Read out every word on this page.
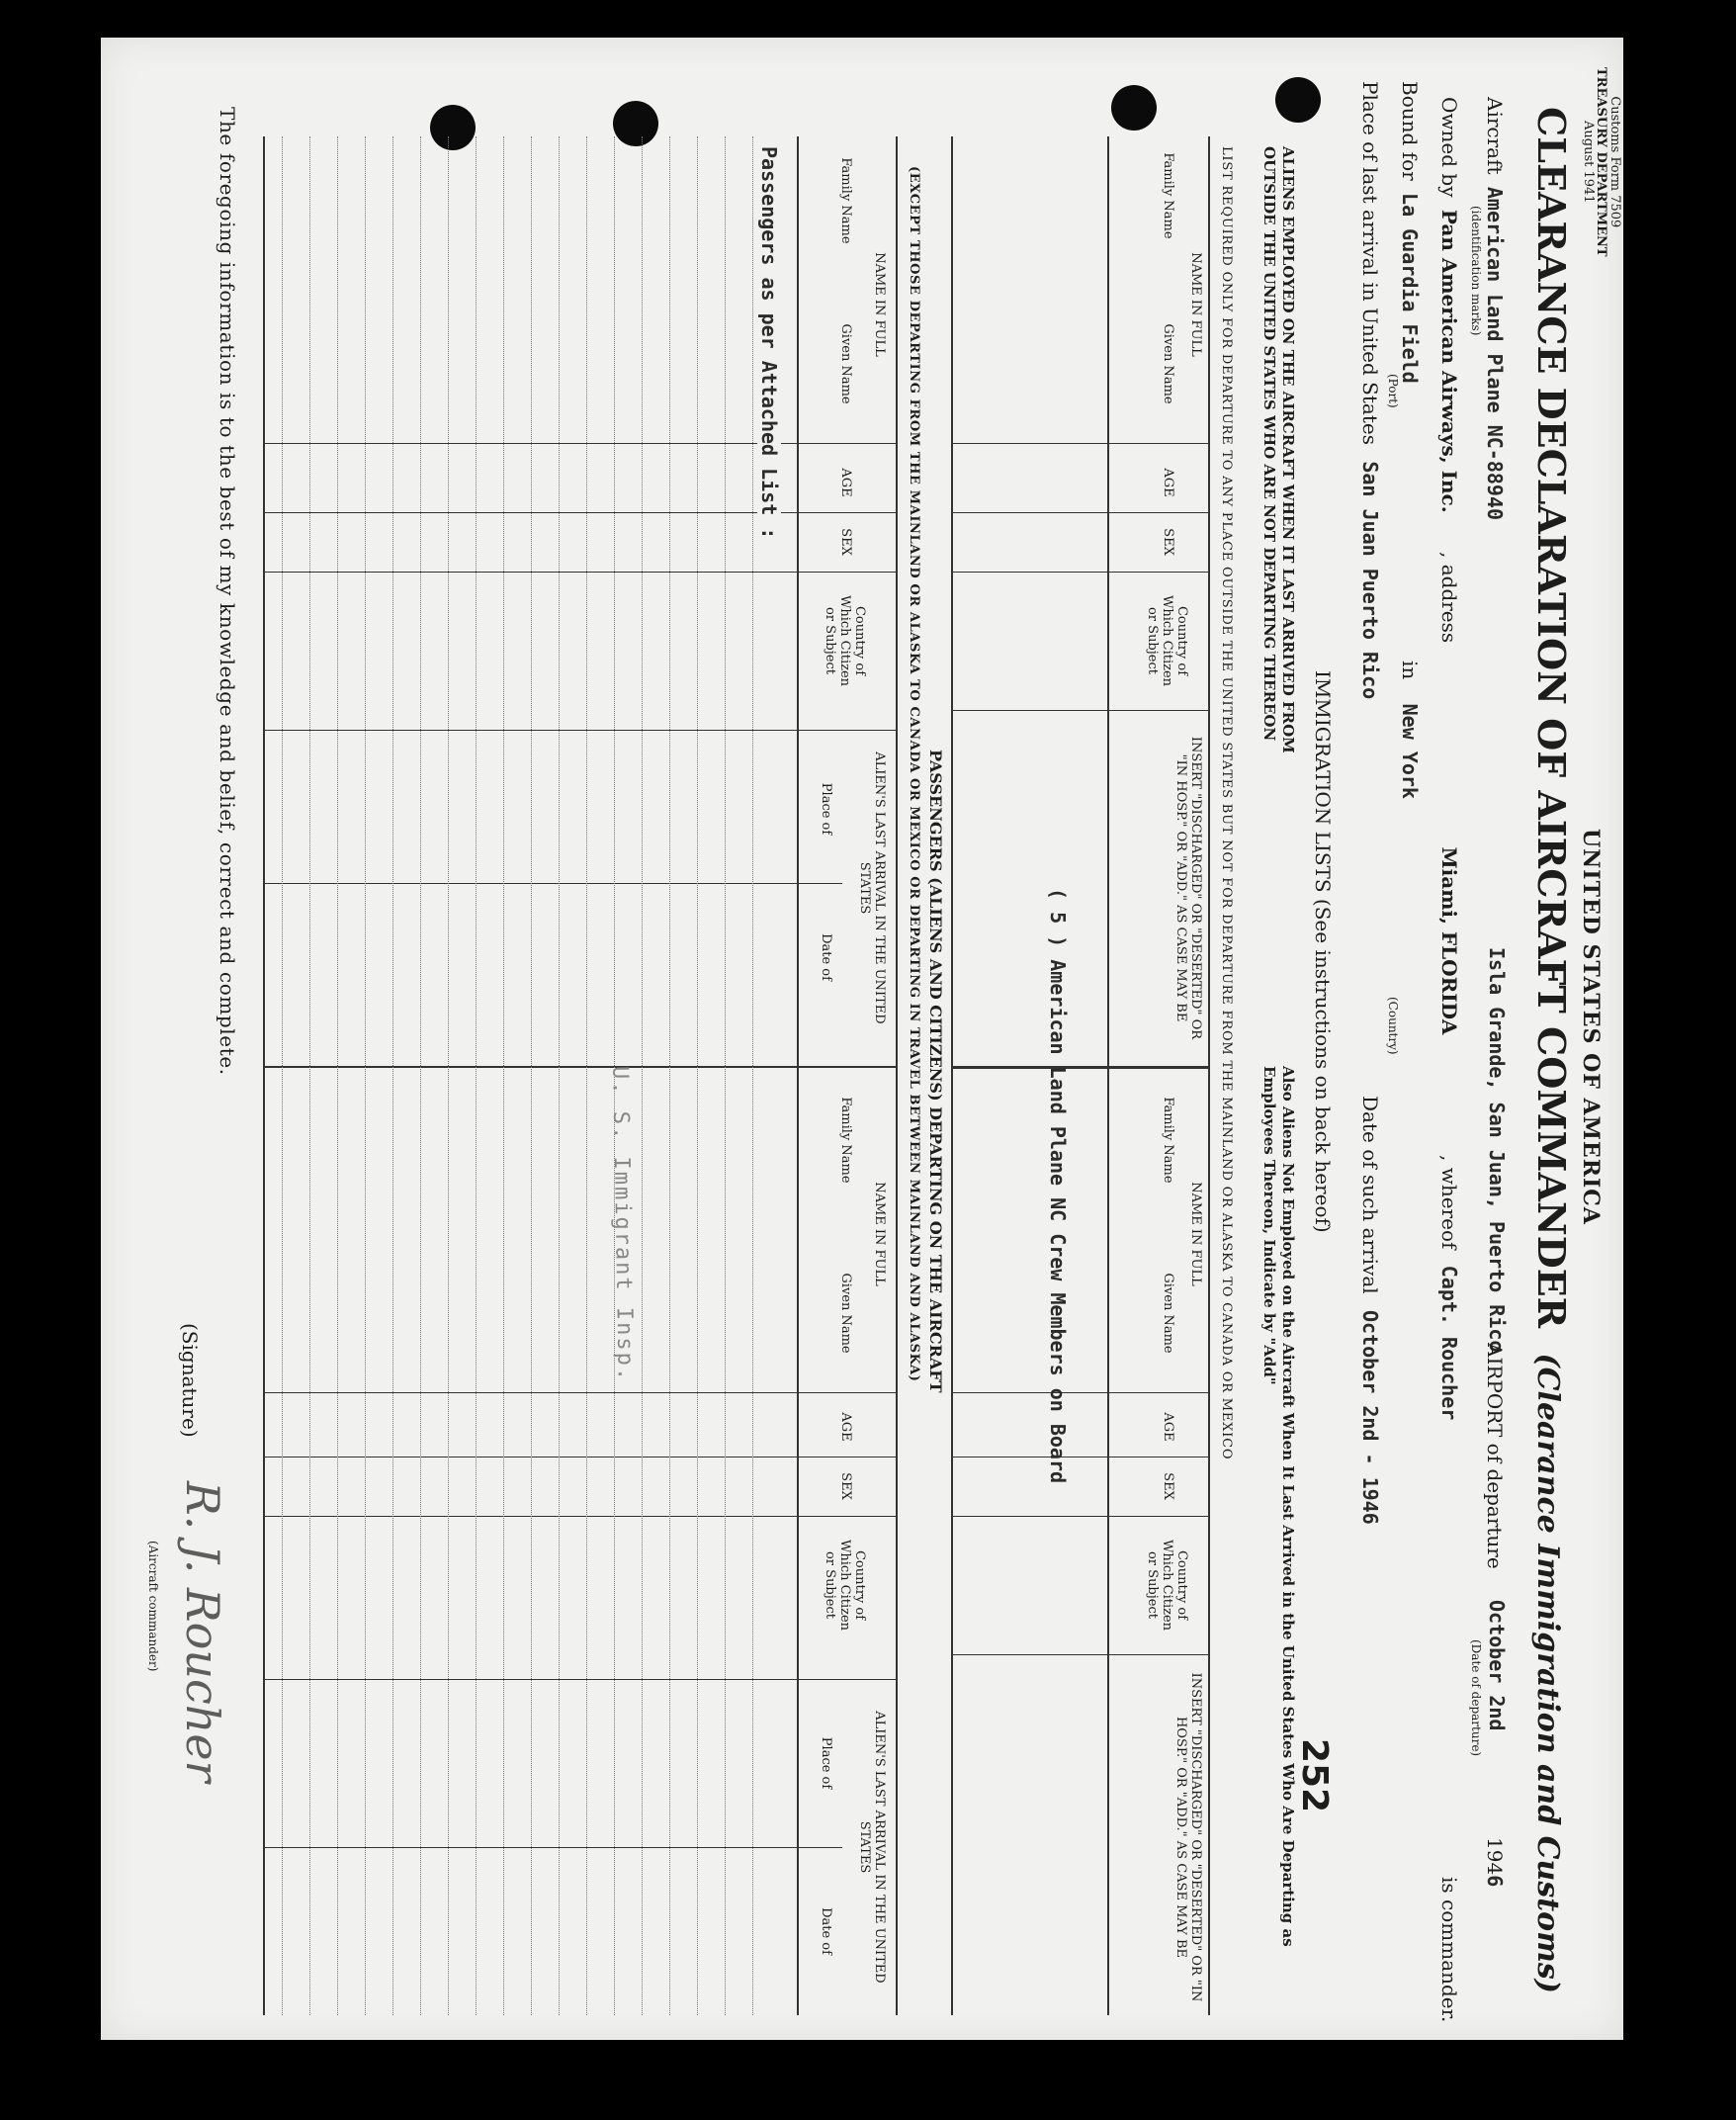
Customs Form 7509
TREASURY DEPARTMENT
August 1941
UNITED STATES OF AMERICA
CLEARANCE DECLARATION OF AIRCRAFT COMMANDER (Clearance Immigration and Customs)
Aircraft American Land Plane NC-88940
Isla Grande, San Juan, Puerto Rico
AIRPORT of departure
October 2nd
1946
(identification marks)
(Date of departure)
Owned by Pan American Airways, Inc.
, address Miami, FLORIDA
, whereof Capt. Roucher
is commander.
Bound for La Guardia Field
in New York
(Port)
(Country)
Place of last arrival in United States San Juan Puerto Rico
Date of such arrival October 2nd - 1946
IMMIGRATION LISTS (See instructions on back hereof)
252
ALIENS EMPLOYED ON THE AIRCRAFT WHEN IT LAST ARRIVED FROM OUTSIDE THE UNITED STATES WHO ARE NOT DEPARTING THEREON
Also Aliens Not Employed on the Aircraft When It Last Arrived in the United States Who Are Departing as Employees Thereon, Indicate by "Add"
LIST REQUIRED ONLY FOR DEPARTURE TO ANY PLACE OUTSIDE THE UNITED STATES BUT NOT FOR DEPARTURE FROM THE MAINLAND OR ALASKA TO CANADA OR MEXICO
NAME IN FULL
Family Name
Given Name
AGE
SEX
Country of Which Citizen or Subject
INSERT "DISCHARGED" OR "DESERTED" OR "IN HOSP." OR "ADD." AS CASE MAY BE
NAME IN FULL
Family Name
Given Name
AGE
SEX
Country of Which Citizen or Subject
INSERT "DISCHARGED" OR "DESERTED" OR "IN HOSP." OR "ADD." AS CASE MAY BE
( 5 ) American Land Plane NC Crew Members on Board
PASSENGERS (ALIENS AND CITIZENS) DEPARTING ON THE AIRCRAFT
(EXCEPT THOSE DEPARTING FROM THE MAINLAND OR ALASKA TO CANADA OR MEXICO OR DEPARTING IN TRAVEL BETWEEN MAINLAND AND ALASKA)
NAME IN FULL
Family Name
Given Name
AGE
SEX
Country of Which Citizen or Subject
ALIEN'S LAST ARRIVAL IN THE UNITED STATES
Place of
Date of
NAME IN FULL
Family Name
Given Name
AGE
SEX
Country of Which Citizen or Subject
ALIEN'S LAST ARRIVAL IN THE UNITED STATES
Place of
Date of
Passengers as per Attached List :
U. S. Immigrant Insp.
The foregoing information is to the best of my knowledge and belief, correct and complete.
(Signature)
R. J. Roucher
(Aircraft commander)
